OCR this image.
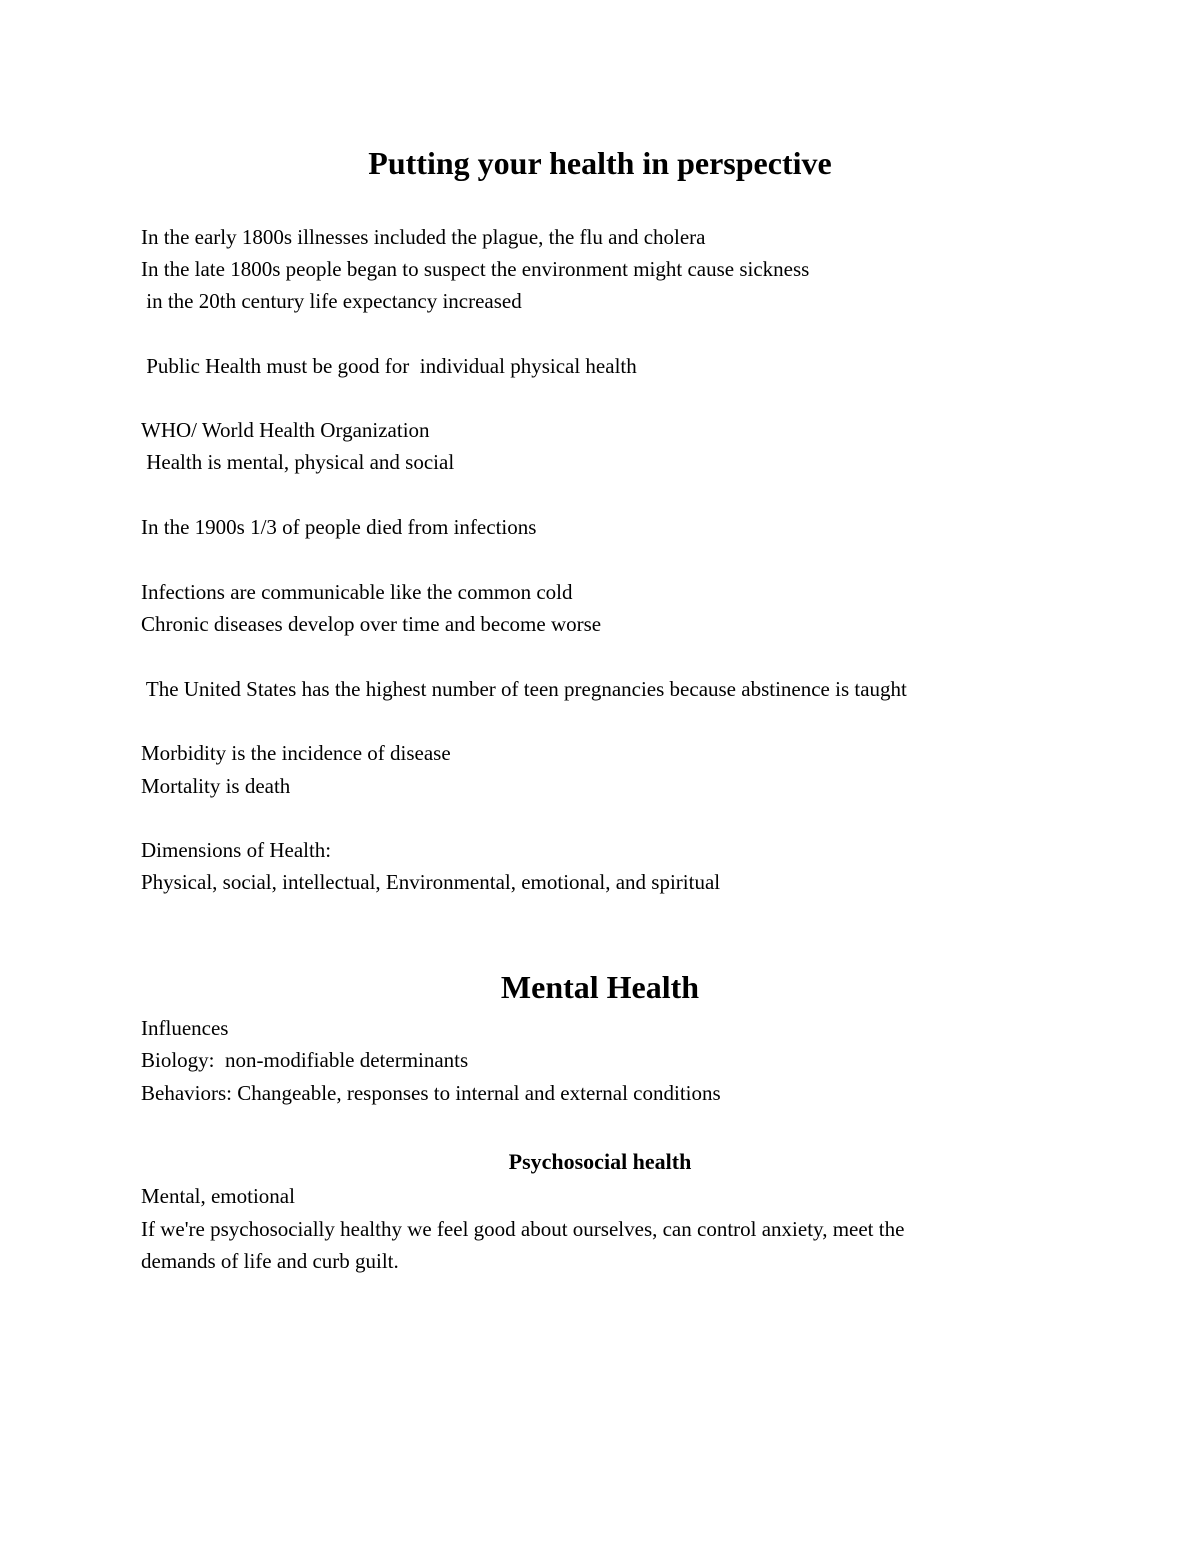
Putting your health in perspective

In the early 1800s illnesses included the plague, the flu and cholera

In the late 1800s people began to suspect the environment might cause sickness

in the 20th century life expectancy increased

Public Health must be good for  individual physical health

WHO/ World Health Organization

Health is mental, physical and social

In the 1900s 1/3 of people died from infections

Infections are communicable like the common cold

Chronic diseases develop over time and become worse

The United States has the highest number of teen pregnancies because abstinence is taught

Morbidity is the incidence of disease

Mortality is death

Dimensions of Health:

Physical, social, intellectual, Environmental, emotional, and spiritual

Mental Health

Influences

Biology:  non-modifiable determinants

Behaviors: Changeable, responses to internal and external conditions

Psychosocial health

Mental, emotional

If we're psychosocially healthy we feel good about ourselves, can control anxiety, meet the

demands of life and curb guilt.
